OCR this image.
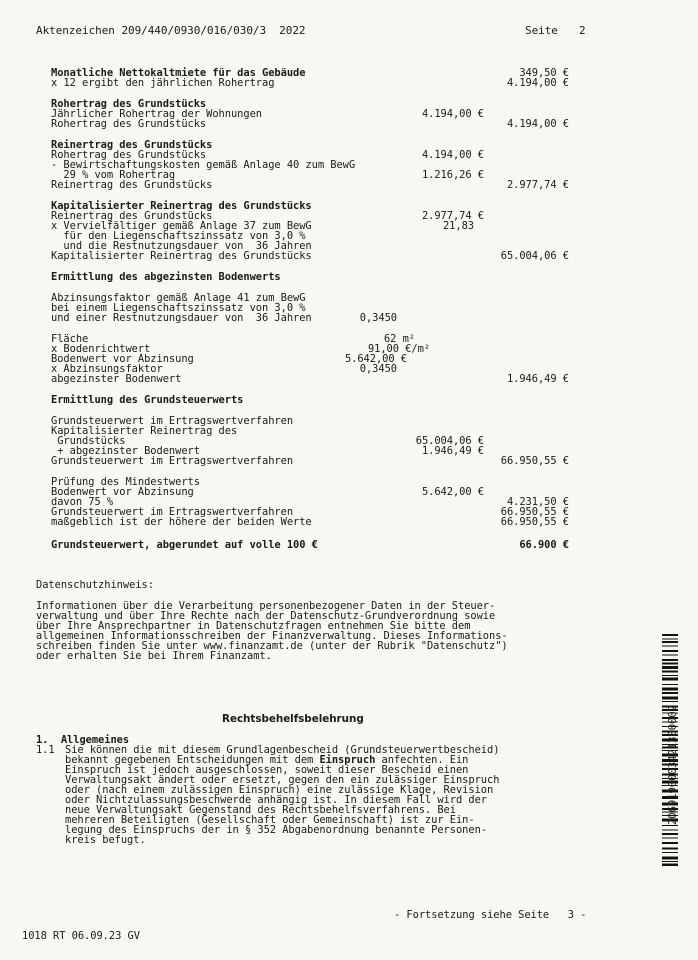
Aktenzeichen 209/440/0930/016/030/3  2022	Seite 2
Monatliche Nettokaltmiete für das Gebäude	349,50 €
x 12 ergibt den jährlichen Rohertrag	4.194,00 €
Rohertrag des Grundstücks
Jährlicher Rohertrag der Wohnungen	4.194,00 €
Rohertrag des Grundstücks	4.194,00 €
Reinertrag des Grundstücks
Rohertrag des Grundstücks	4.194,00 €
- Bewirtschaftungskosten gemäß Anlage 40 zum BewG
29 % vom Rohertrag	1.216,26 €
Reinertrag des Grundstücks	2.977,74 €
Kapitalisierter Reinertrag des Grundstücks
Reinertrag des Grundstücks	2.977,74 €
x Vervielfältiger gemäß Anlage 37 zum BewG	21,83
für den Liegenschaftszinssatz von 3,0 %
und die Restnutzungsdauer von  36 Jahren
Kapitalisierter Reinertrag des Grundstücks	65.004,06 €
Ermittlung des abgezinsten Bodenwerts
Abzinsungsfaktor gemäß Anlage 41 zum BewG
bei einem Liegenschaftszinssatz von 3,0 %
und einer Restnutzungsdauer von  36 Jahren	0,3450
Fläche	62 m²
x Bodenrichtwert	91,00 €/m²
Bodenwert vor Abzinsung	5.642,00 €
x Abzinsungsfaktor	0,3450
abgezinster Bodenwert	1.946,49 €
Ermittlung des Grundsteuerwerts
Grundsteuerwert im Ertragswertverfahren
Kapitalisierter Reinertrag des
Grundstücks	65.004,06 €
+ abgezinster Bodenwert	1.946,49 €
Grundsteuerwert im Ertragswertverfahren	66.950,55 €
Prüfung des Mindestwerts
Bodenwert vor Abzinsung	5.642,00 €
davon 75 %	4.231,50 €
Grundsteuerwert im Ertragswertverfahren	66.950,55 €
maßgeblich ist der höhere der beiden Werte	66.950,55 €
Grundsteuerwert, abgerundet auf volle 100 €	66.900 €
Datenschutzhinweis:
Informationen über die Verarbeitung personenbezogener Daten in der Steuer-
verwaltung und über Ihre Rechte nach der Datenschutz-Grundverordnung sowie
über Ihre Ansprechpartner in Datenschutzfragen entnehmen Sie bitte dem
allgemeinen Informationsschreiben der Finanzverwaltung. Dieses Informations-
schreiben finden Sie unter www.finanzamt.de (unter der Rubrik "Datenschutz")
oder erhalten Sie bei Ihrem Finanzamt.
Rechtsbehelfsbelehrung
1.  Allgemeines
1.1 Sie können die mit diesem Grundlagenbescheid (Grundsteuerwertbescheid)
bekannt gegebenen Entscheidungen mit dem Einspruch anfechten. Ein
Einspruch ist jedoch ausgeschlossen, soweit dieser Bescheid einen
Verwaltungsakt ändert oder ersetzt, gegen den ein zulässiger Einspruch
oder (nach einem zulässigen Einspruch) eine zulässige Klage, Revision
oder Nichtzulassungsbeschwerde anhängig ist. In diesem Fall wird der
neue Verwaltungsakt Gegenstand des Rechtsbehelfsverfahrens. Bei
mehreren Beteiligten (Gesellschaft oder Gemeinschaft) ist zur Ein-
legung des Einspruchs der in § 352 Abgabenordnung benannte Personen-
kreis befugt.
- Fortsetzung siehe Seite   3 -
1018 RT 06.09.23 GV
2069190003421300002
